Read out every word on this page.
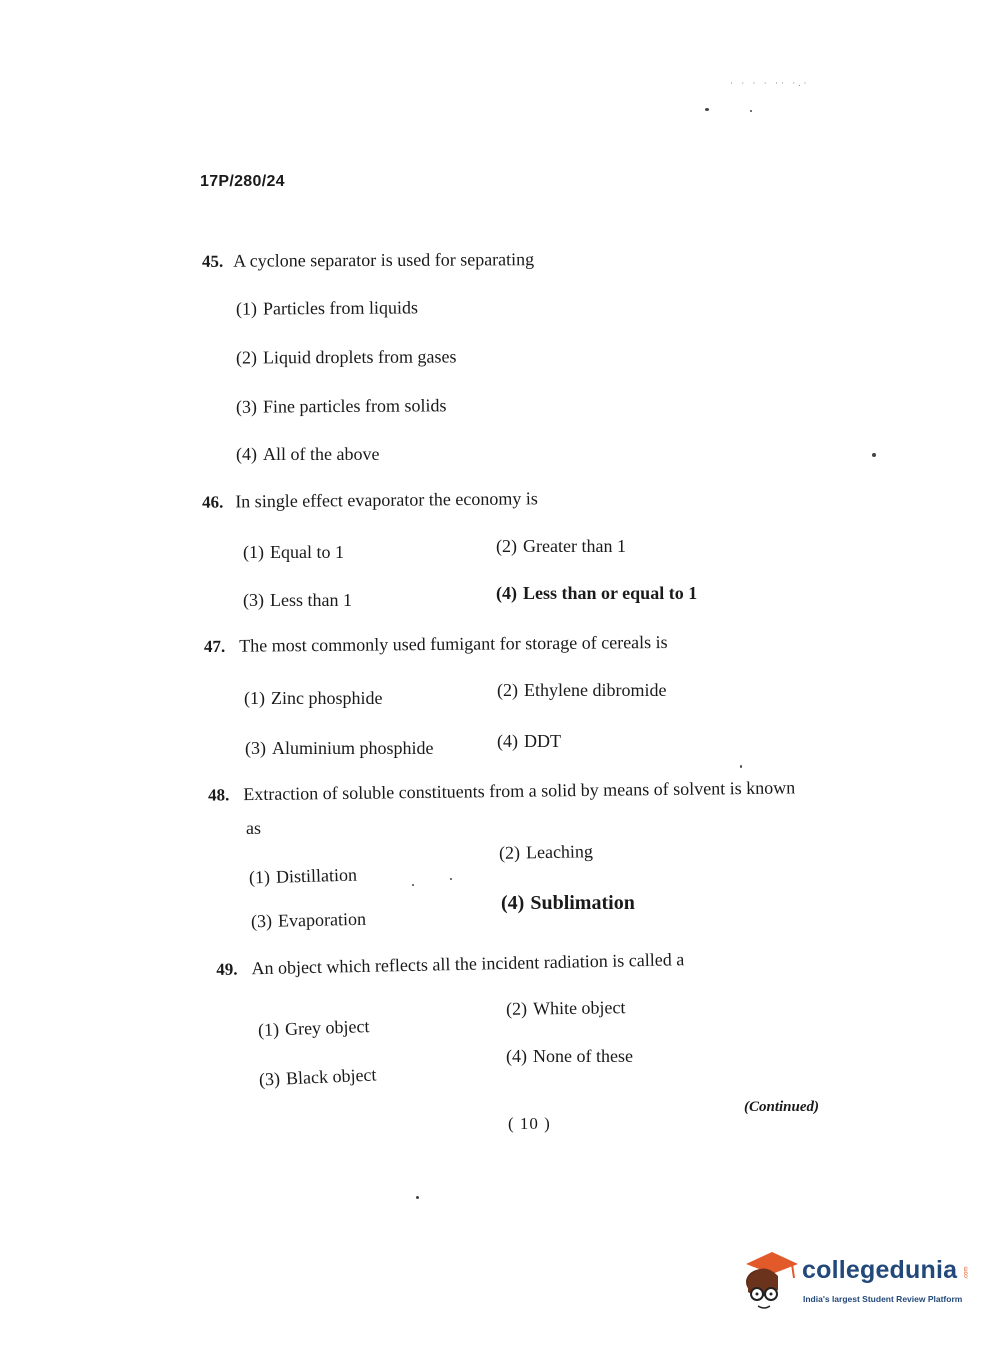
· · · · ·· ·.·
17P/280/24
45. A cyclone separator is used for separating
(1) Particles from liquids
(2) Liquid droplets from gases
(3) Fine particles from solids
(4) All of the above
46. In single effect evaporator the economy is
(1) Equal to 1	(2) Greater than 1
(3) Less than 1	(4) Less than or equal to 1
47. The most commonly used fumigant for storage of cereals is
(1) Zinc phosphide	(2) Ethylene dibromide
(3) Aluminium phosphide	(4) DDT
48. Extraction of soluble constituents from a solid by means of solvent is known
as
(1) Distillation
(2) Leaching
(3) Evaporation
(4) Sublimation
49. An object which reflects all the incident radiation is called a
(1) Grey object
(2) White object
(3) Black object
(4) None of these
( 10 )
(Continued)
collegedunia .com
India's largest Student Review Platform
